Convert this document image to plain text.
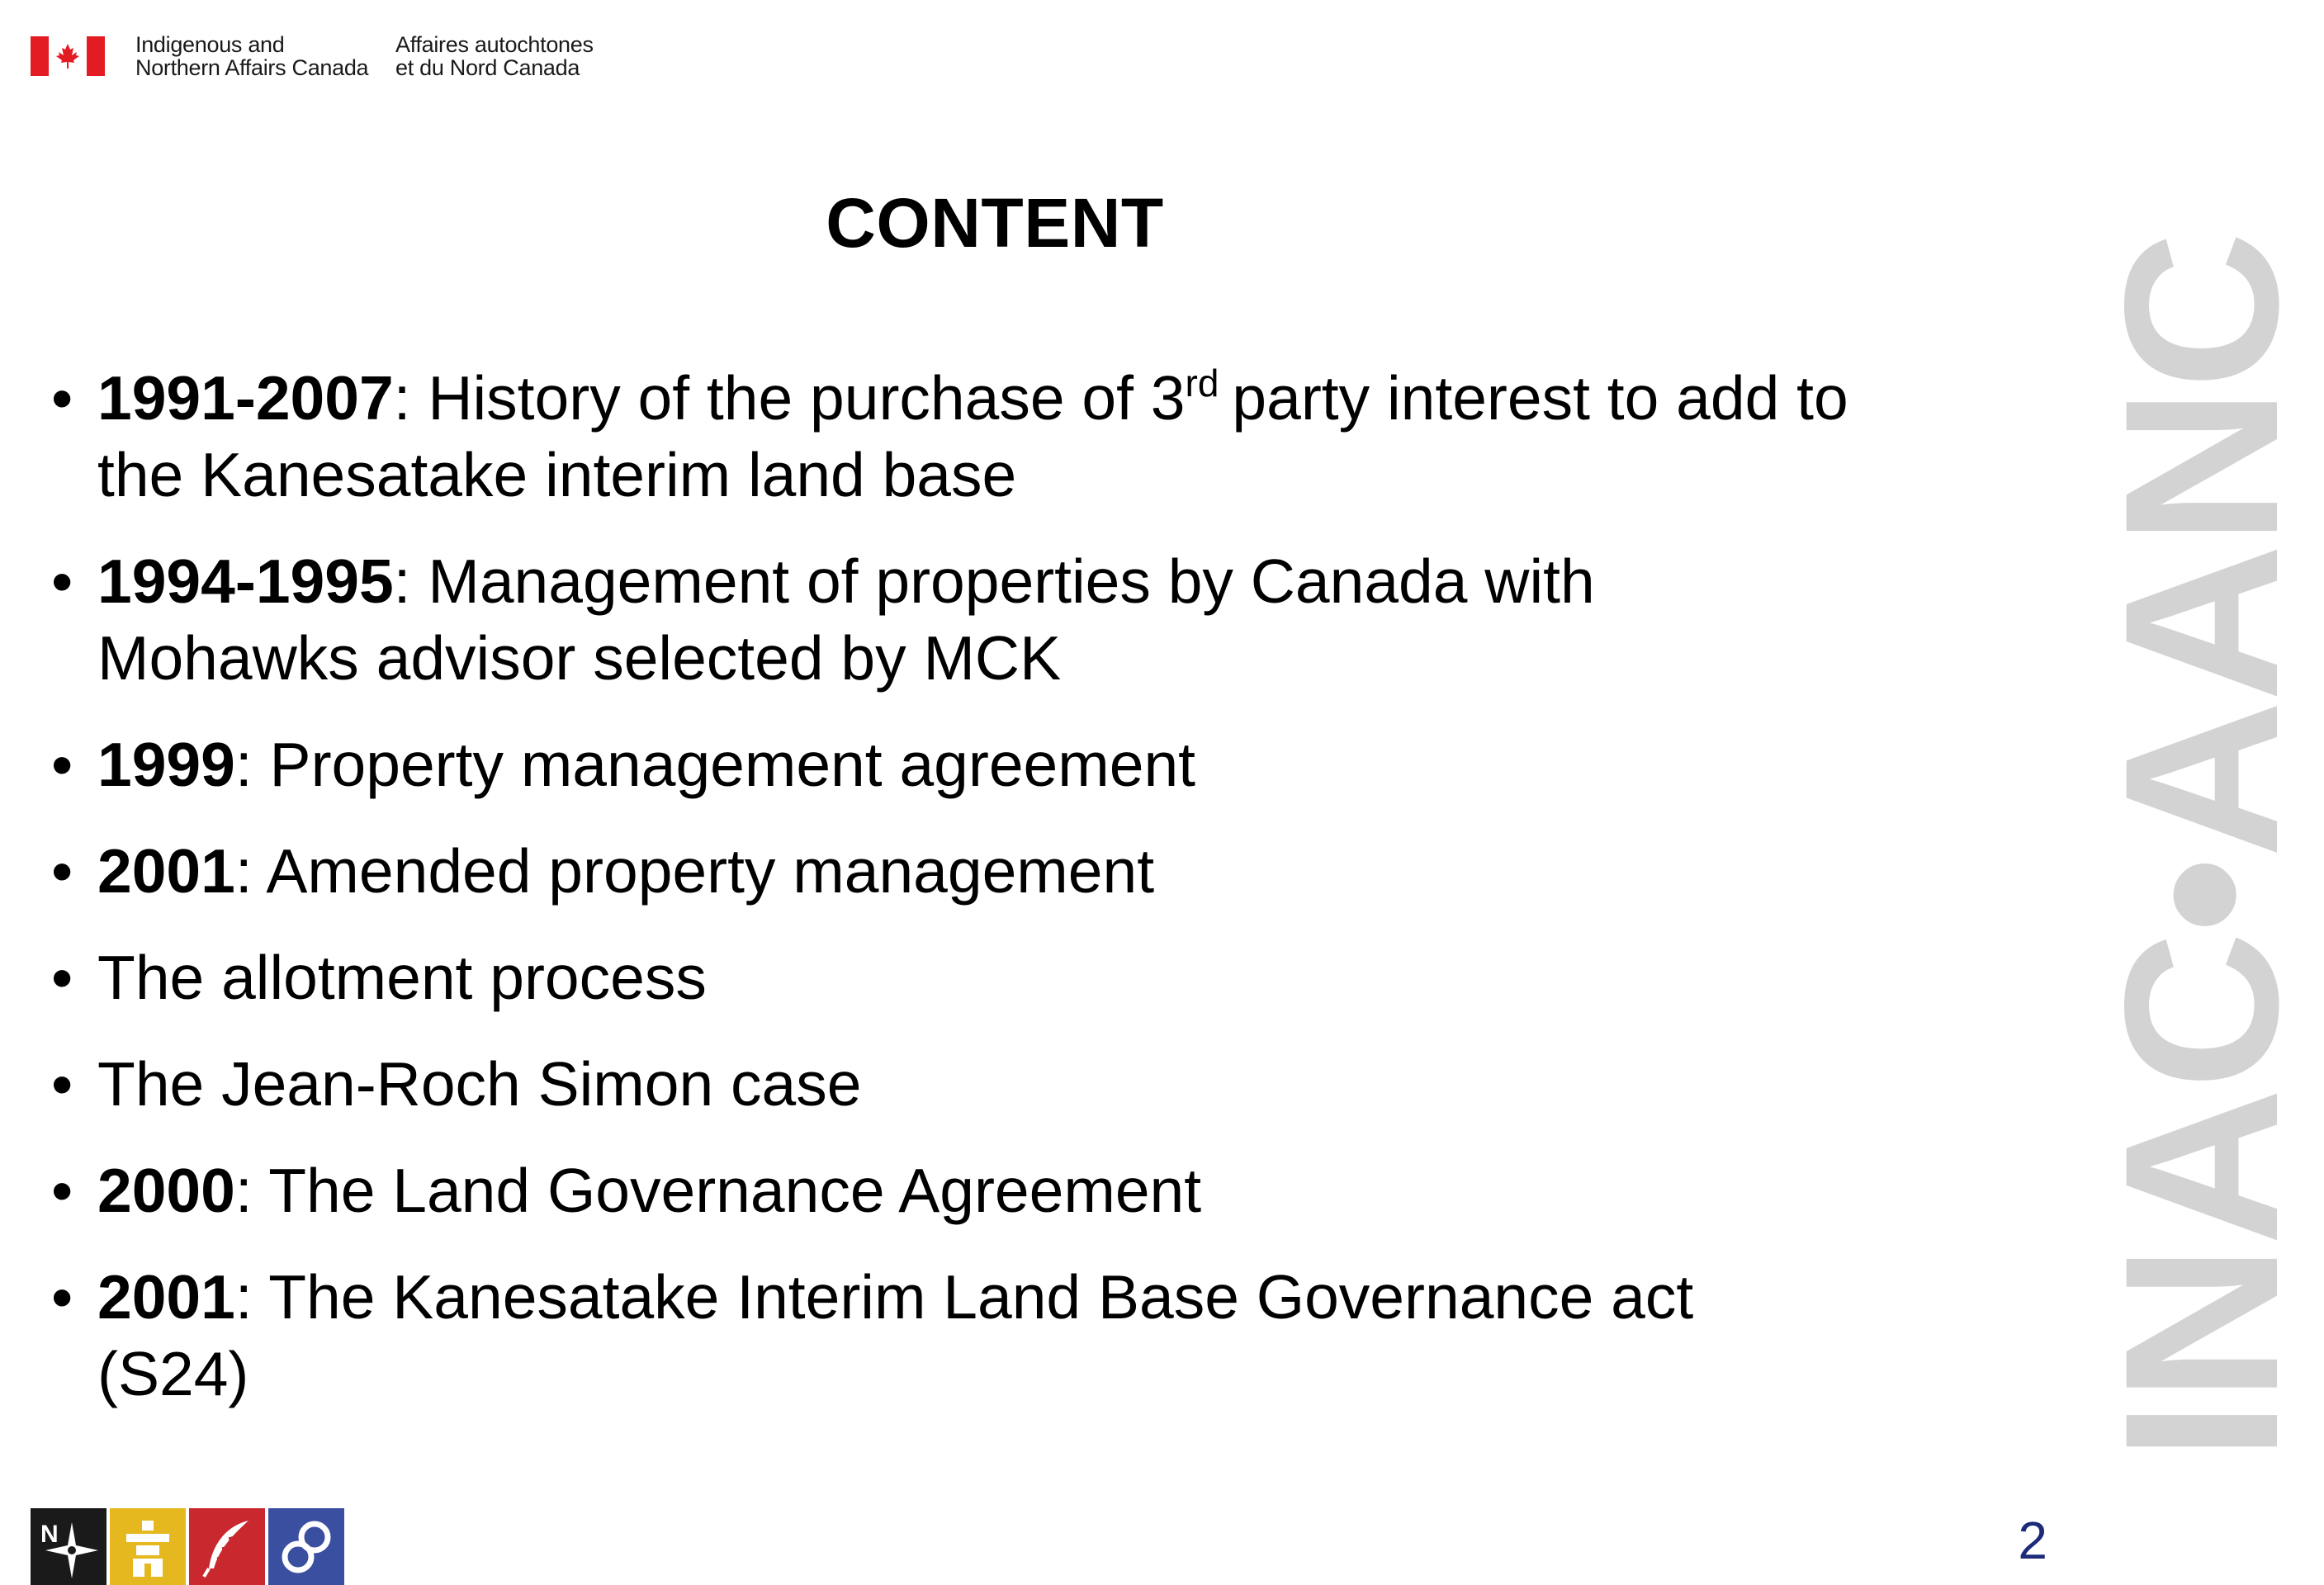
Indigenous and
Northern Affairs Canada
Affaires autochtones
et du Nord Canada
CONTENT
• 1991-2007: History of the purchase of 3rd party interest to add to the Kanesatake interim land base
• 1994-1995: Management of properties by Canada with Mohawks advisor selected by MCK
• 1999: Property management agreement
• 2001: Amended property management
• The allotment process
• The Jean-Roch Simon case
• 2000: The Land Governance Agreement
• 2001: The Kanesatake Interim Land Base Governance act (S24)	INAC•AANC
N	2
